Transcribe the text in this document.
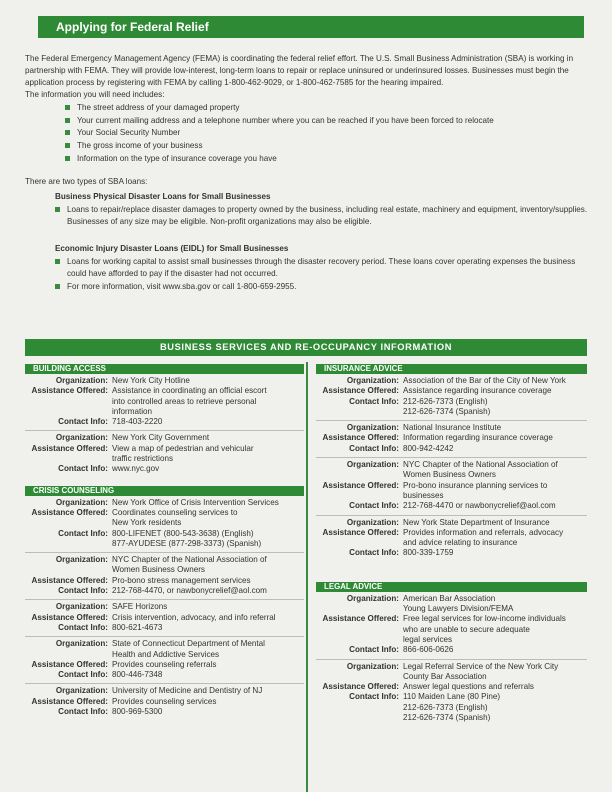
Applying for Federal Relief

The Federal Emergency Management Agency (FEMA) is coordinating the federal relief effort. The U.S. Small Business Administration (SBA) is working in partnership with FEMA. They will provide low-interest, long-term loans to repair or replace uninsured or underinsured losses. Businesses must begin the application process by registering with FEMA by calling 1-800-462-9029, or 1-800-462-7585 for the hearing impaired.

The information you will need includes:

The street address of your damaged property
Your current mailing address and a telephone number where you can be reached if you have been forced to relocate
Your Social Security Number
The gross income of your business
Information on the type of insurance coverage you have

There are two types of SBA loans:

Business Physical Disaster Loans for Small Businesses

Loans to repair/replace disaster damages to property owned by the business, including real estate, machinery and equipment, inventory/supplies. Businesses of any size may be eligible. Non-profit organizations may also be eligible.

Economic Injury Disaster Loans (EIDL) for Small Businesses

Loans for working capital to assist small businesses through the disaster recovery period. These loans cover operating expenses the business could have afforded to pay if the disaster had not occurred.
For more information, visit www.sba.gov or call 1-800-659-2955.
BUSINESS SERVICES AND RE-OCCUPANCY INFORMATION
BUILDING ACCESS
Organization: New York City Hotline
Assistance Offered: Assistance in coordinating an official escort
into controlled areas to retrieve personal
information
Contact Info: 718-403-2220
Organization: New York City Government
Assistance Offered: View a map of pedestrian and vehicular
traffic restrictions
Contact Info: www.nyc.gov
CRISIS COUNSELING
Organization: New York Office of Crisis Intervention Services
Assistance Offered: Coordinates counseling services to
New York residents
Contact Info: 800-LIFENET (800-543-3638) (English)
877-AYUDESE (877-298-3373) (Spanish)
Organization: NYC Chapter of the National Association of
Women Business Owners
Assistance Offered: Pro-bono stress management services
Contact Info: 212-768-4470, or nawbonycrelief@aol.com
Organization: SAFE Horizons
Assistance Offered: Crisis intervention, advocacy, and info referral
Contact Info: 800-621-4673
Organization: State of Connecticut Department of Mental
Health and Addictive Services
Assistance Offered: Provides counseling referrals
Contact Info: 800-446-7348
Organization: University of Medicine and Dentistry of NJ
Assistance Offered: Provides counseling services
Contact Info: 800-969-5300
INSURANCE ADVICE
Organization: Association of the Bar of the City of New York
Assistance Offered: Assistance regarding insurance coverage
Contact Info: 212-626-7373 (English)
212-626-7374 (Spanish)
Organization: National Insurance Institute
Assistance Offered: Information regarding insurance coverage
Contact Info: 800-942-4242
Organization: NYC Chapter of the National Association of
Women Business Owners
Assistance Offered: Pro-bono insurance planning services to
businesses
Contact Info: 212-768-4470 or nawbonycrelief@aol.com
Organization: New York State Department of Insurance
Assistance Offered: Provides information and referrals, advocacy
and advice relating to insurance
Contact Info: 800-339-1759
LEGAL ADVICE
Organization: American Bar Association
Young Lawyers Division/FEMA
Assistance Offered: Free legal services for low-income individuals
who are unable to secure adequate
legal services
Contact Info: 866-606-0626
Organization: Legal Referral Service of the New York City
County Bar Association
Assistance Offered: Answer legal questions and referrals
Contact Info: 110 Maiden Lane (80 Pine)
212-626-7373 (English)
212-626-7374 (Spanish)
